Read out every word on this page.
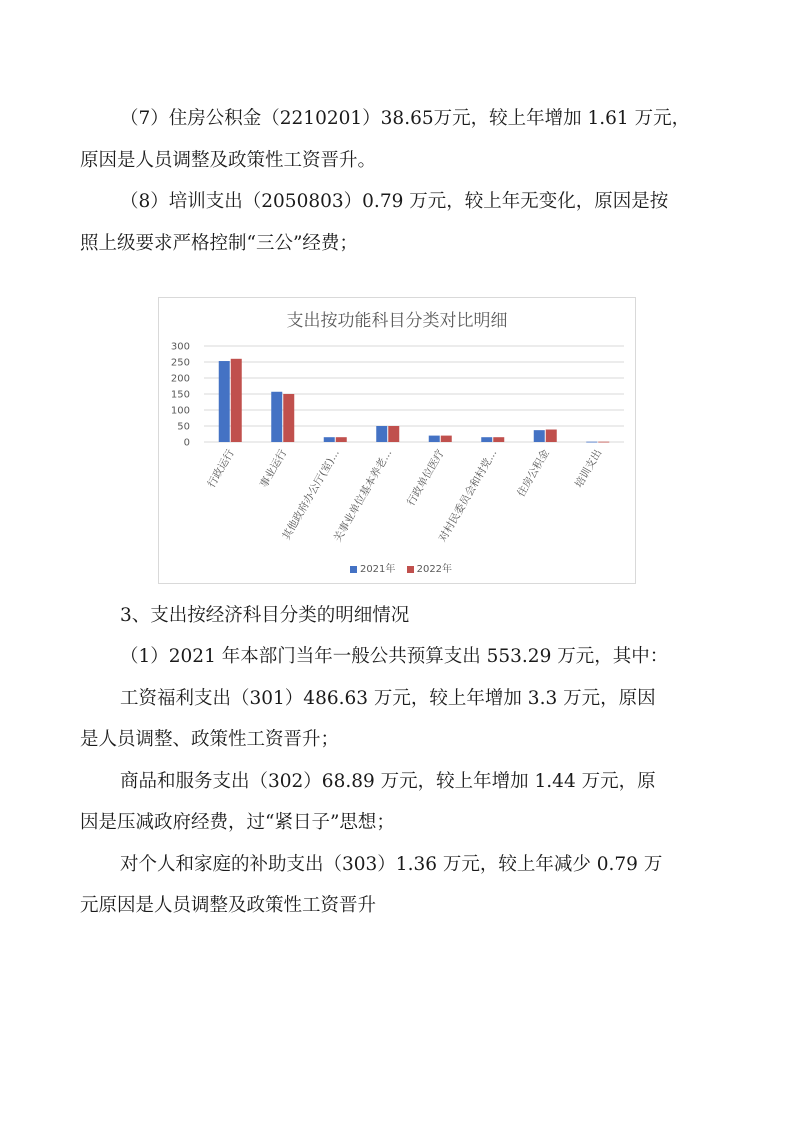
（7）住房公积金（2210201）38.65万元，较上年增加 1.61 万元，
原因是人员调整及政策性工资晋升。
（8）培训支出（2050803）0.79 万元，较上年无变化，原因是按
照上级要求严格控制“三公”经费；
支出按功能科目分类对比明细
0
50
100
150
200
250
300
行政运行 事业运行
其他政府办公厅(室)...
关事业单位基本养老... 行政单位医疗
对村民委员会和村党... 住房公积金 培训支出
2021年 2022年
3、支出按经济科目分类的明细情况
（1）2021 年本部门当年一般公共预算支出 553.29 万元，其中：
工资福利支出（301）486.63 万元，较上年增加 3.3 万元，原因
是人员调整、政策性工资晋升；
商品和服务支出（302）68.89 万元，较上年增加 1.44 万元，原
因是压减政府经费，过“紧日子”思想；
对个人和家庭的补助支出（303）1.36 万元，较上年减少 0.79 万
元原因是人员调整及政策性工资晋升
